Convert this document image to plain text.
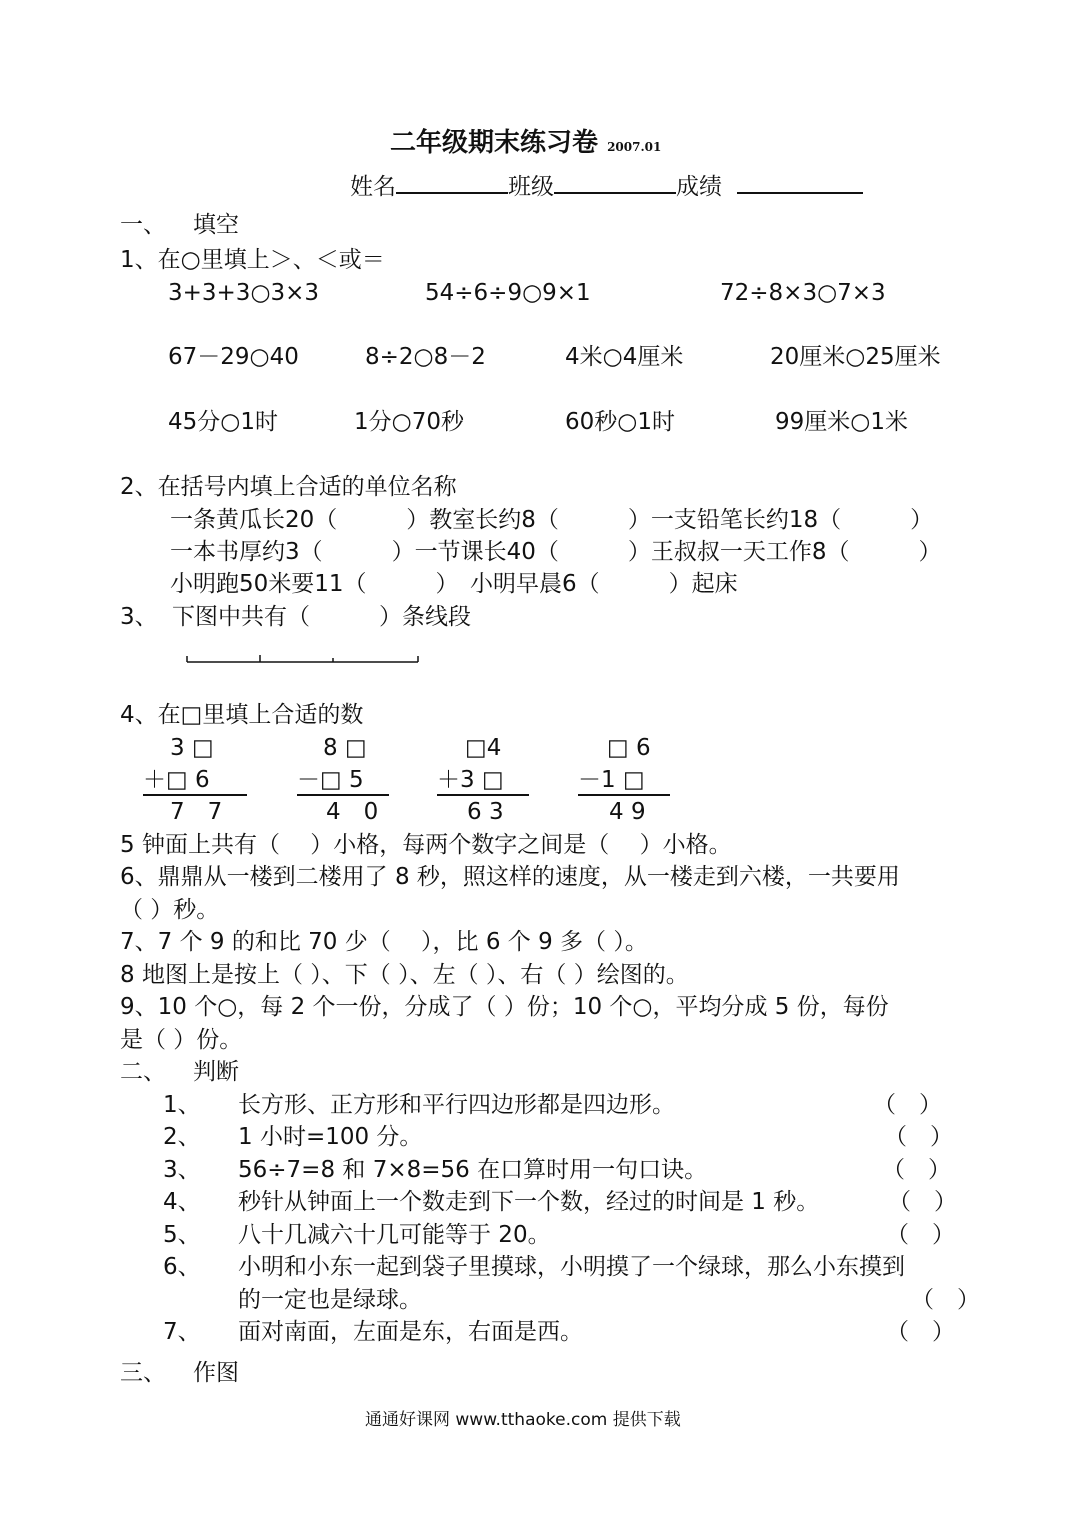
二年级期末练习卷 2007.01
姓名	班级	成绩
一、 填空
1、在○里填上＞、＜或＝
3+3+3○3×3	54÷6÷9○9×1	72÷8×3○7×3
67－29○40	8÷2○8－2	4米○4厘米	20厘米○25厘米
45分○1时	1分○70秒	60秒○1时	99厘米○1米
2、在括号内填上合适的单位名称
一条黄瓜长20（　　　）教室长约8（　　　）一支铅笔长约18（　　　）
一本书厚约3（　　　）一节课长40（　　　）王叔叔一天工作8（　　　）
小明跑50米要11（　　　）　小明早晨6（　　　）起床
3、 下图中共有（　　　）条线段
4、在□里填上合适的数
3 □
＋□ 6
7　7
8 □
－□ 5
4　0
□4
＋3 □
6 3
□ 6
－1 □
4 9
5 钟面上共有（　 ）小格，每两个数字之间是（　 ）小格。
6、鼎鼎从一楼到二楼用了 8 秒，照这样的速度，从一楼走到六楼，一共要用
（ ）秒。
7、7 个 9 的和比 70 少（　 ），比 6 个 9 多（ ）。
8 地图上是按上（ ）、下（ ）、左（ ）、右（ ）绘图的。
9、10 个○，每 2 个一份，分成了（ ）份；10 个○，平均分成 5 份，每份
是（ ）份。
二、 判断
1、 长方形、正方形和平行四边形都是四边形。	（　）
2、 1 小时=100 分。	（　）
3、 56÷7=8 和 7×8=56 在口算时用一句口诀。	（　）
4、 秒针从钟面上一个数走到下一个数，经过的时间是 1 秒。	（　）
5、 八十几减六十几可能等于 20。	（　）
6、 小明和小东一起到袋子里摸球，小明摸了一个绿球，那么小东摸到
的一定也是绿球。	（　）
7、 面对南面，左面是东，右面是西。	（　）
三、 作图
通通好课网 www.tthaoke.com 提供下载
